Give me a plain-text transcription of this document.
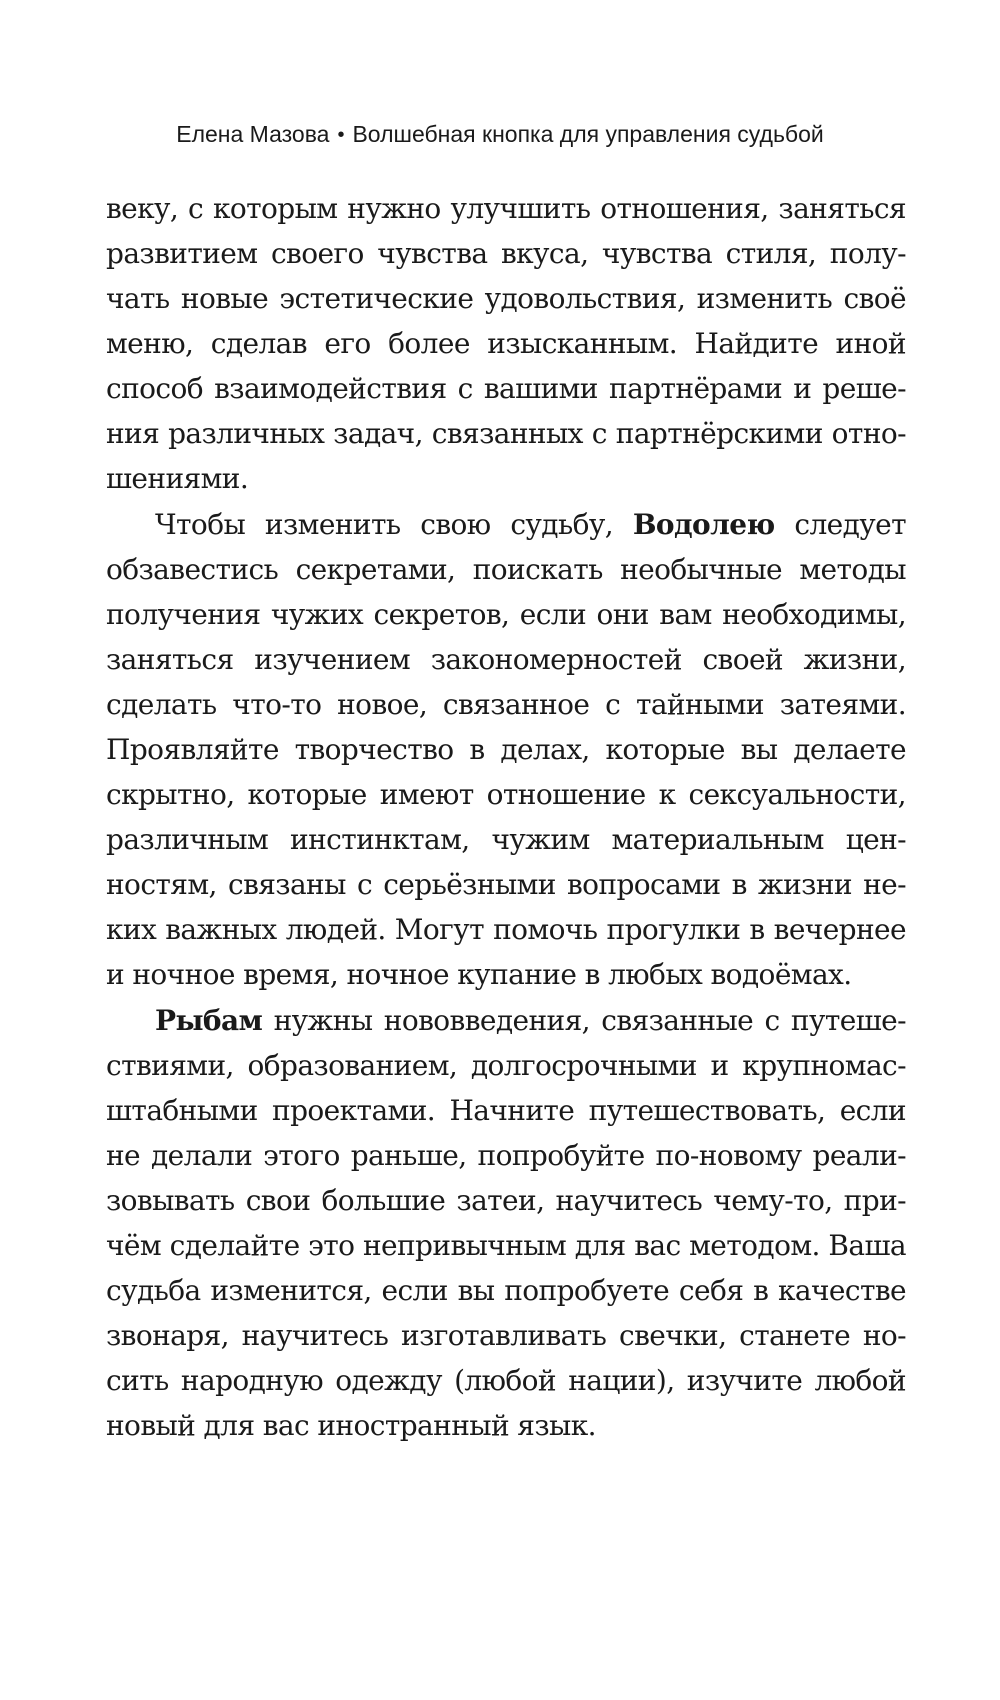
Елена Мазова • Волшебная кнопка для управления судьбой
веку, с которым нужно улучшить отношения, заняться
развитием своего чувства вкуса, чувства стиля, полу-
чать новые эстетические удовольствия, изменить своё
меню, сделав его более изысканным. Найдите иной
способ взаимодействия с вашими партнёрами и реше-
ния различных задач, связанных с партнёрскими отно-
шениями.
Чтобы изменить свою судьбу, Водолею следует
обзавестись секретами, поискать необычные методы
получения чужих секретов, если они вам необходимы,
заняться изучением закономерностей своей жизни,
сделать что-то новое, связанное с тайными затеями.
Проявляйте творчество в делах, которые вы делаете
скрытно, которые имеют отношение к сексуальности,
различным инстинктам, чужим материальным цен-
ностям, связаны с серьёзными вопросами в жизни не-
ких важных людей. Могут помочь прогулки в вечернее
и ночное время, ночное купание в любых водоёмах.
Рыбам нужны нововведения, связанные с путеше-
ствиями, образованием, долгосрочными и крупномас-
штабными проектами. Начните путешествовать, если
не делали этого раньше, попробуйте по-новому реали-
зовывать свои большие затеи, научитесь чему-то, при-
чём сделайте это непривычным для вас методом. Ваша
судьба изменится, если вы попробуете себя в качестве
звонаря, научитесь изготавливать свечки, станете но-
сить народную одежду (любой нации), изучите любой
новый для вас иностранный язык.
